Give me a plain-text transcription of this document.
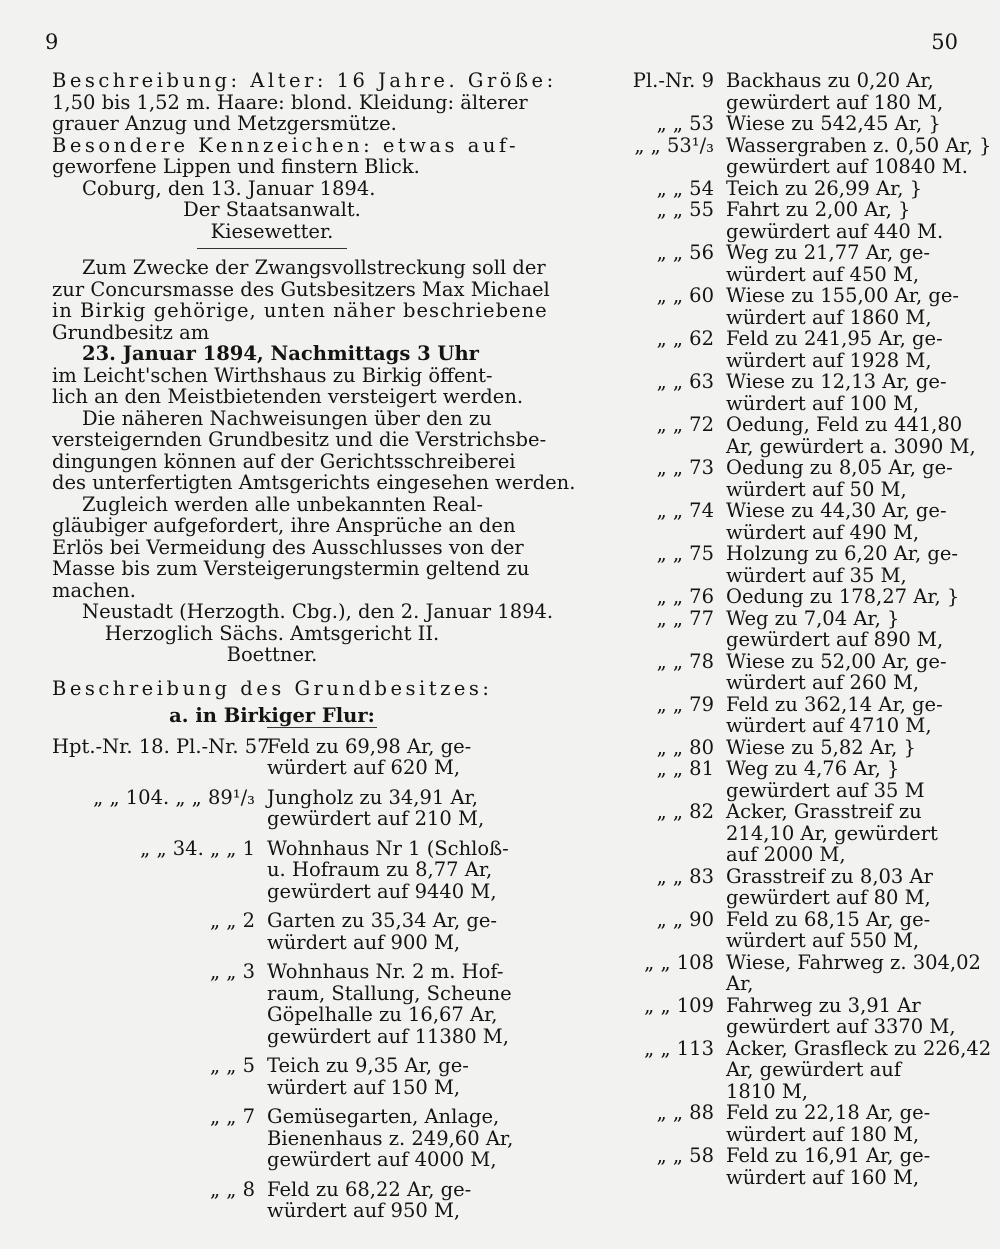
9	50
Beschreibung: Alter: 16 Jahre. Größe:
1,50 bis 1,52 m. Haare: blond. Kleidung: älterer
grauer Anzug und Metzgersmütze.
Besondere Kennzeichen: etwas auf-
geworfene Lippen und finstern Blick.
Coburg, den 13. Januar 1894.
Der Staatsanwalt.
Kiesewetter.
Zum Zwecke der Zwangsvollstreckung soll der
zur Concursmasse des Gutsbesitzers Max Michael
in Birkig gehörige, unten näher beschriebene
Grundbesitz am
23. Januar 1894, Nachmittags 3 Uhr
im Leicht'schen Wirthshaus zu Birkig öffent-
lich an den Meistbietenden versteigert werden.
Die näheren Nachweisungen über den zu
versteigernden Grundbesitz und die Verstrichsbe-
dingungen können auf der Gerichtsschreiberei
des unterfertigten Amtsgerichts eingesehen werden.
Zugleich werden alle unbekannten Real-
gläubiger aufgefordert, ihre Ansprüche an den
Erlös bei Vermeidung des Ausschlusses von der
Masse bis zum Versteigerungstermin geltend zu
machen.
Neustadt (Herzogth. Cbg.), den 2. Januar 1894.
Herzoglich Sächs. Amtsgericht II.
Boettner.
Beschreibung des Grundbesitzes:
a. in Birkiger Flur:
Hpt.-Nr. 18. Pl.-Nr. 57
Feld zu 69,98 Ar, ge-
würdert auf 620 M,
„ „ 104. „ „ 89¹/₃ Jungholz zu 34,91 Ar,
gewürdert auf 210 M,
„ „ 34. „ „ 1 Wohnhaus Nr 1 (Schloß-
u. Hofraum zu 8,77 Ar,
gewürdert auf 9440 M,
„ „ 2 Garten zu 35,34 Ar, ge-
würdert auf 900 M,
„ „ 3 Wohnhaus Nr. 2 m. Hof-
raum, Stallung, Scheune
Göpelhalle zu 16,67 Ar,
gewürdert auf 11380 M,
„ „ 5 Teich zu 9,35 Ar, ge-
würdert auf 150 M,
„ „ 7 Gemüsegarten, Anlage,
Bienenhaus z. 249,60 Ar,
gewürdert auf 4000 M,
„ „ 8 Feld zu 68,22 Ar, ge-
würdert auf 950 M,
Pl.-Nr. 9 Backhaus zu 0,20 Ar,
gewürdert auf 180 M,
„ „ 53 Wiese zu 542,45 Ar, }
„ „ 53¹/₃ Wassergraben z. 0,50 Ar, }
gewürdert auf 10840 M.
„ „ 54 Teich zu 26,99 Ar, }
„ „ 55 Fahrt zu 2,00 Ar, }
gewürdert auf 440 M.
„ „ 56 Weg zu 21,77 Ar, ge-
würdert auf 450 M,
„ „ 60 Wiese zu 155,00 Ar, ge-
würdert auf 1860 M,
„ „ 62 Feld zu 241,95 Ar, ge-
würdert auf 1928 M,
„ „ 63 Wiese zu 12,13 Ar, ge-
würdert auf 100 M,
„ „ 72 Oedung, Feld zu 441,80
Ar, gewürdert a. 3090 M,
„ „ 73 Oedung zu 8,05 Ar, ge-
würdert auf 50 M,
„ „ 74 Wiese zu 44,30 Ar, ge-
würdert auf 490 M,
„ „ 75 Holzung zu 6,20 Ar, ge-
würdert auf 35 M,
„ „ 76 Oedung zu 178,27 Ar, }
„ „ 77 Weg zu 7,04 Ar, }
gewürdert auf 890 M,
„ „ 78 Wiese zu 52,00 Ar, ge-
würdert auf 260 M,
„ „ 79 Feld zu 362,14 Ar, ge-
würdert auf 4710 M,
„ „ 80 Wiese zu 5,82 Ar, }
„ „ 81 Weg zu 4,76 Ar, }
gewürdert auf 35 M
„ „ 82 Acker, Grasstreif zu
214,10 Ar, gewürdert
auf 2000 M,
„ „ 83 Grasstreif zu 8,03 Ar
gewürdert auf 80 M,
„ „ 90 Feld zu 68,15 Ar, ge-
würdert auf 550 M,
„ „ 108 Wiese, Fahrweg z. 304,02
Ar,
„ „ 109 Fahrweg zu 3,91 Ar
gewürdert auf 3370 M,
„ „ 113 Acker, Grasfleck zu 226,42
Ar, gewürdert auf
1810 M,
„ „ 88 Feld zu 22,18 Ar, ge-
würdert auf 180 M,
„ „ 58 Feld zu 16,91 Ar, ge-
würdert auf 160 M,
